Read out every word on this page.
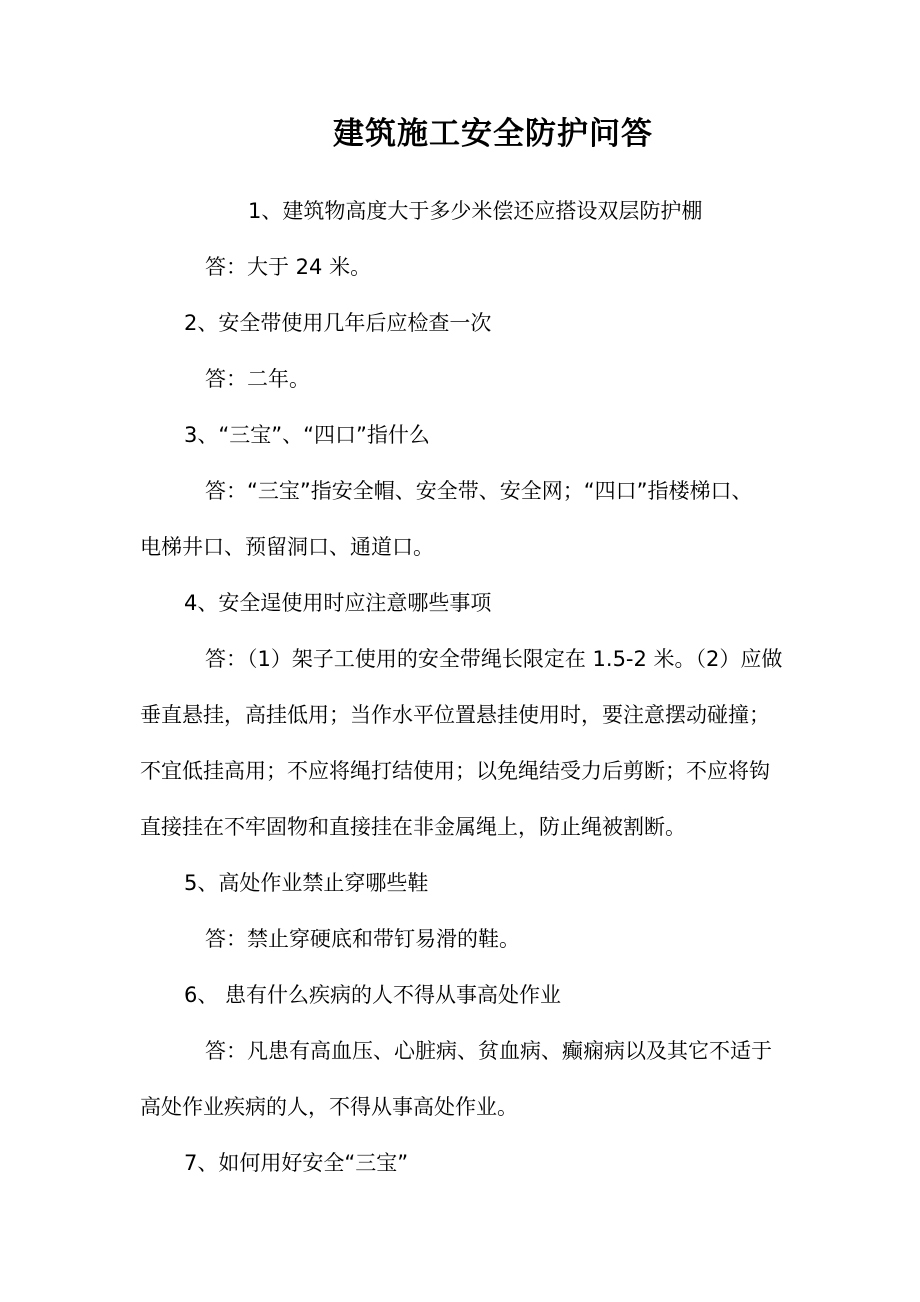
建筑施工安全防护问答
1、建筑物高度大于多少米偿还应搭设双层防护棚
答：大于 24 米。
2、安全带使用几年后应检查一次
答：二年。
3、“三宝”、“四口”指什么
答：“三宝”指安全帽、安全带、安全网；“四口”指楼梯口、
电梯井口、预留洞口、通道口。
4、安全逞使用时应注意哪些事项
答：（1）架子工使用的安全带绳长限定在 1.5-2 米。（2）应做
垂直悬挂，高挂低用；当作水平位置悬挂使用时，要注意摆动碰撞；
不宜低挂高用；不应将绳打结使用；以免绳结受力后剪断；不应将钩
直接挂在不牢固物和直接挂在非金属绳上，防止绳被割断。
5、高处作业禁止穿哪些鞋
答：禁止穿硬底和带钉易滑的鞋。
6、 患有什么疾病的人不得从事高处作业
答：凡患有高血压、心脏病、贫血病、癫痫病以及其它不适于
高处作业疾病的人，不得从事高处作业。
7、如何用好安全“三宝”
